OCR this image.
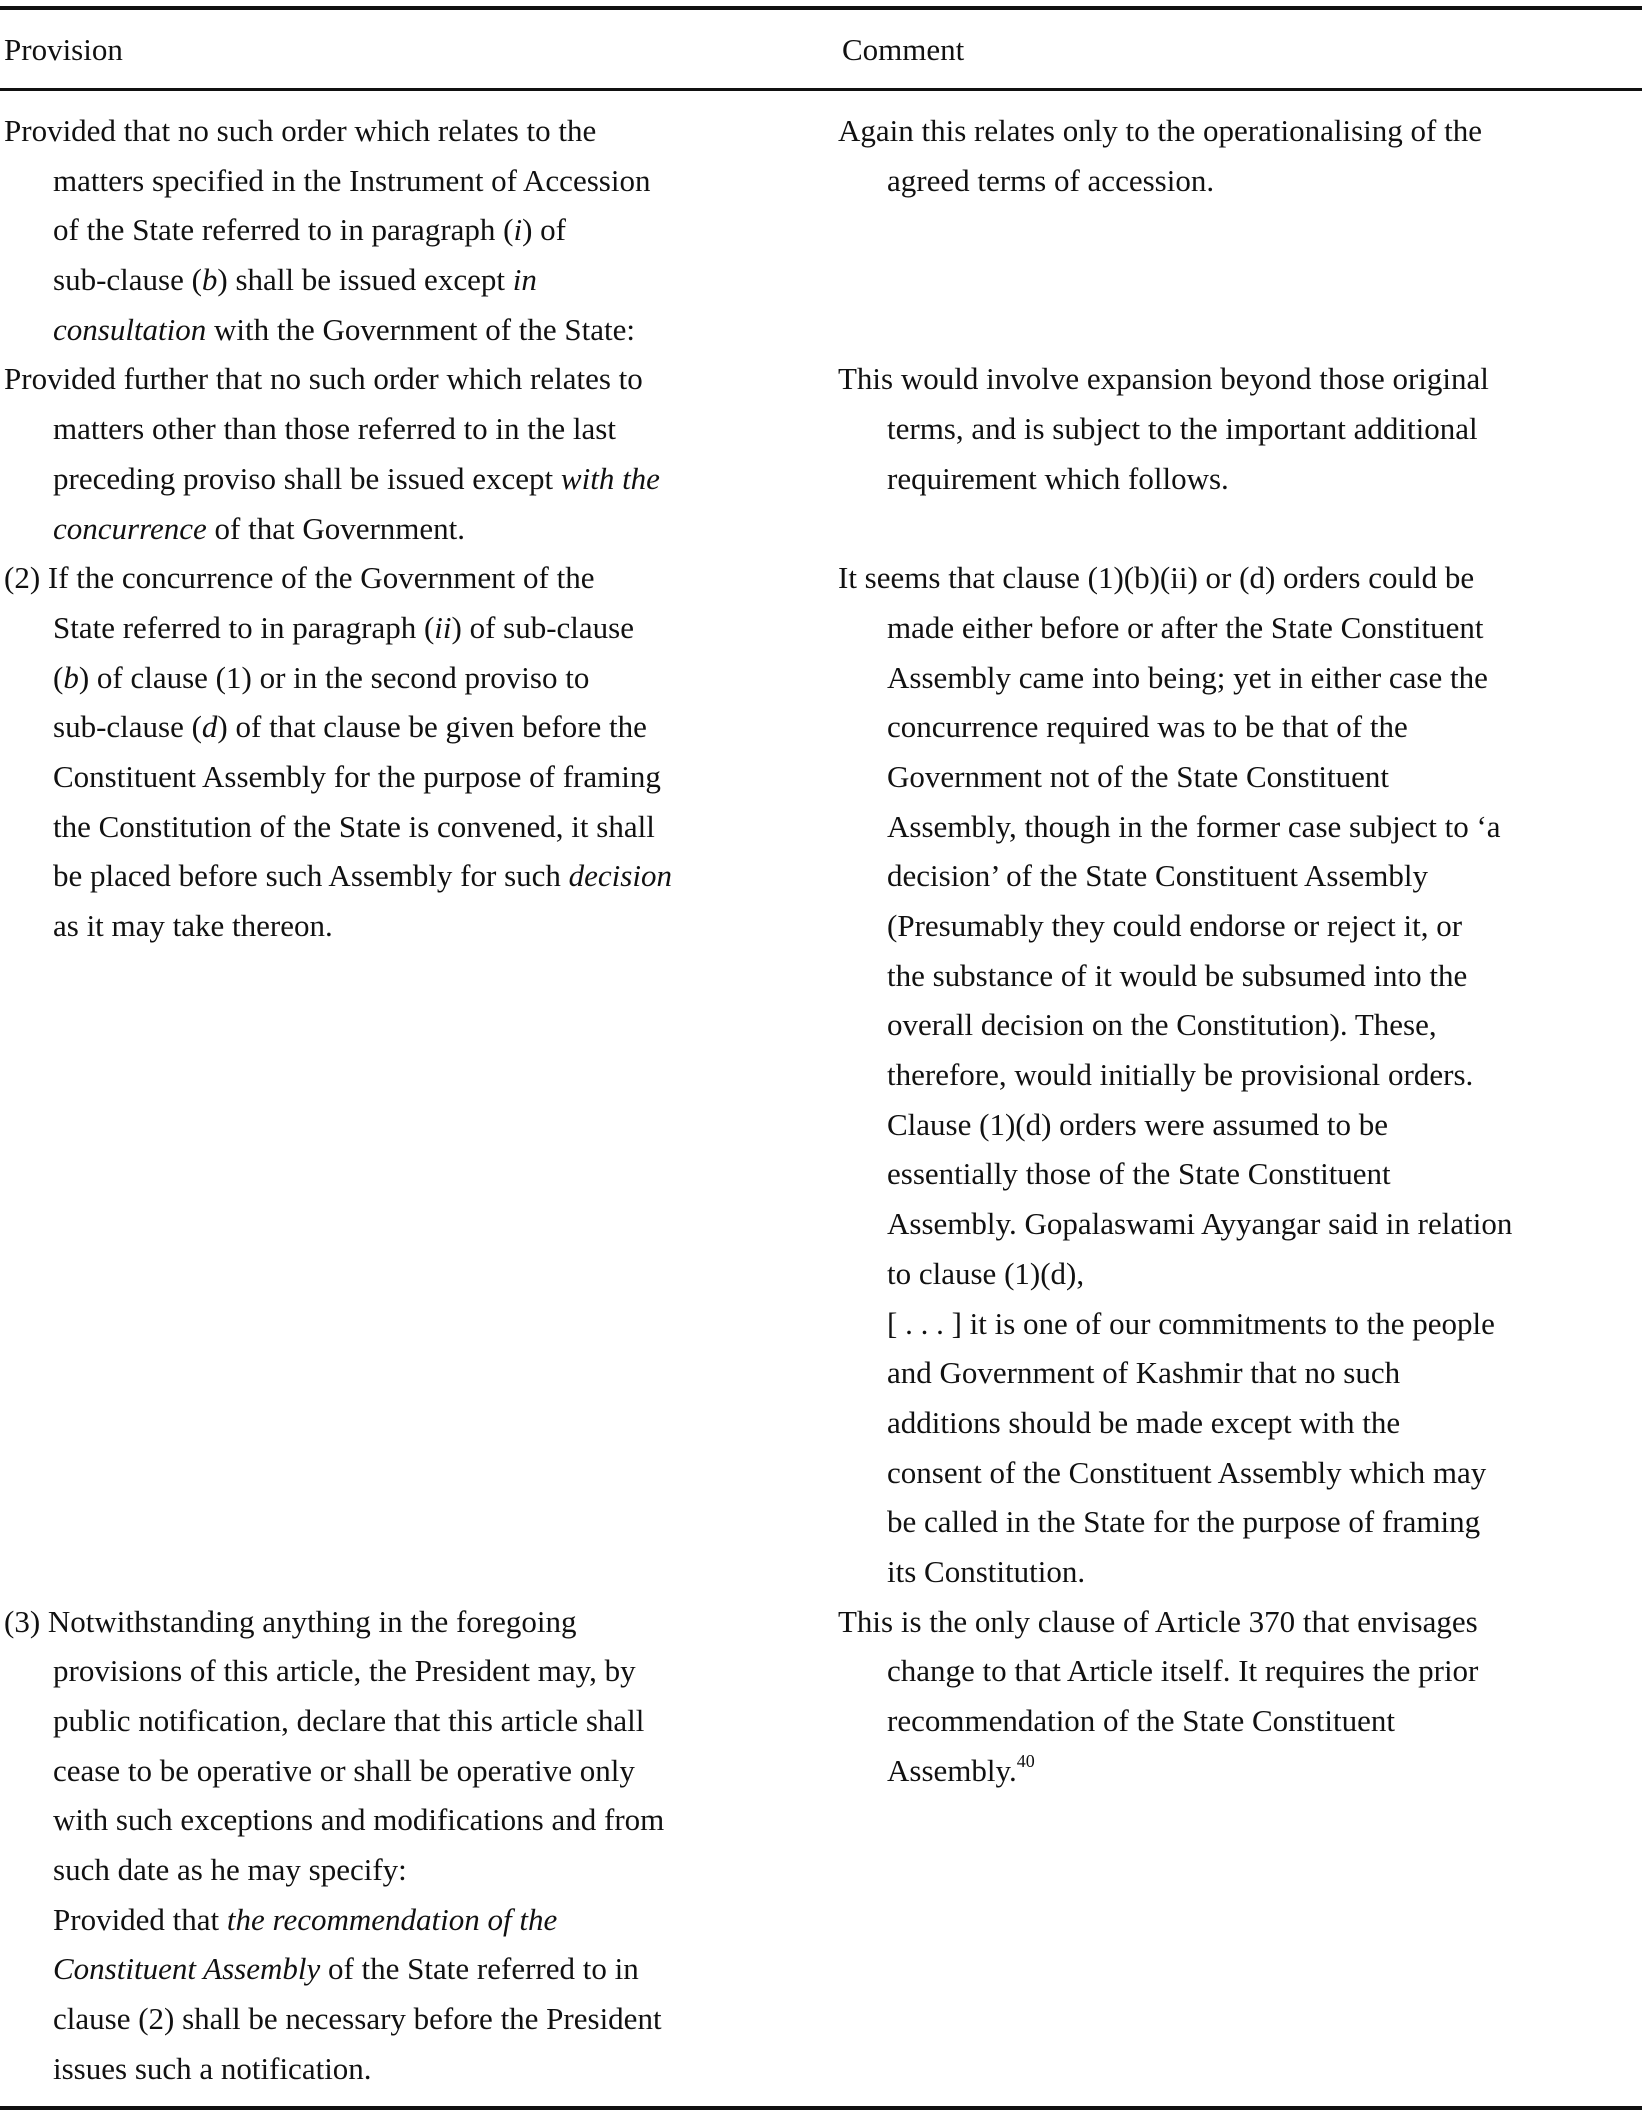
Provision	Comment
Provided that no such order which relates to the
matters specified in the Instrument of Accession
of the State referred to in paragraph (i) of
sub-clause (b) shall be issued except in
consultation with the Government of the State:
Again this relates only to the operationalising of the
agreed terms of accession.
Provided further that no such order which relates to
matters other than those referred to in the last
preceding proviso shall be issued except with the
concurrence of that Government.
This would involve expansion beyond those original
terms, and is subject to the important additional
requirement which follows.
(2) If the concurrence of the Government of the
State referred to in paragraph (ii) of sub-clause
(b) of clause (1) or in the second proviso to
sub-clause (d) of that clause be given before the
Constituent Assembly for the purpose of framing
the Constitution of the State is convened, it shall
be placed before such Assembly for such decision
as it may take thereon.
It seems that clause (1)(b)(ii) or (d) orders could be
made either before or after the State Constituent
Assembly came into being; yet in either case the
concurrence required was to be that of the
Government not of the State Constituent
Assembly, though in the former case subject to ‘a
decision’ of the State Constituent Assembly
(Presumably they could endorse or reject it, or
the substance of it would be subsumed into the
overall decision on the Constitution). These,
therefore, would initially be provisional orders.
Clause (1)(d) orders were assumed to be
essentially those of the State Constituent
Assembly. Gopalaswami Ayyangar said in relation
to clause (1)(d),
[ . . . ] it is one of our commitments to the people
and Government of Kashmir that no such
additions should be made except with the
consent of the Constituent Assembly which may
be called in the State for the purpose of framing
its Constitution.
(3) Notwithstanding anything in the foregoing
provisions of this article, the President may, by
public notification, declare that this article shall
cease to be operative or shall be operative only
with such exceptions and modifications and from
such date as he may specify:
Provided that the recommendation of the
Constituent Assembly of the State referred to in
clause (2) shall be necessary before the President
issues such a notification.
This is the only clause of Article 370 that envisages
change to that Article itself. It requires the prior
recommendation of the State Constituent
Assembly.$^{40}$
